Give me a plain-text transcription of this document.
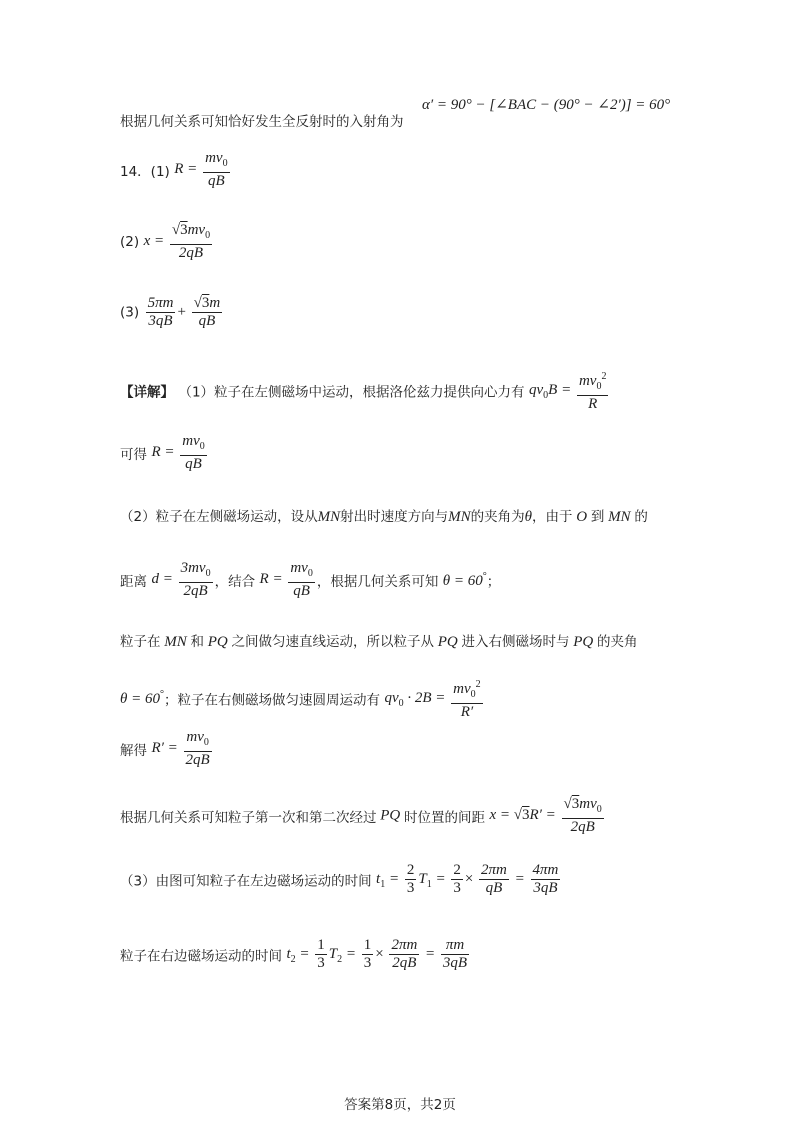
根据几何关系可知恰好发生全反射时的入射角为
α′ = 90° − [∠BAC − (90° − ∠2′)] = 60°
14．(1) $R = \frac{mv_0}{qB}$
(2) $x = \frac{√3mv_0}{2qB}$
$(3) \frac{5\pi m}{3qB} + \frac{√3m}{qB}$
【详解】 （1）粒子在左侧磁场中运动，根据洛伦兹力提供向心力有 $qv_0B = \frac{mv_0^2}{R}$
可得 $R = \frac{mv_0}{qB}$
（2）粒子在左侧磁场运动，设从MN射出时速度方向与MN的夹角为θ，由于 O 到 MN 的
距离 $d = \frac{3mv_0}{2qB}$ ，结合 $R = \frac{mv_0}{qB}$ ，根据几何关系可知 θ = 60°；
粒子在 MN 和 PQ 之间做匀速直线运动，所以粒子从 PQ 进入右侧磁场时与 PQ 的夹角
θ = 60°；粒子在右侧磁场做匀速圆周运动有 $qv_0 \cdot 2B = \frac{mv_0^2}{R'}$
解得 $R' = \frac{mv_0}{2qB}$
根据几何关系可知粒子第一次和第二次经过 PQ 时位置的间距 $x = √3R' = \frac{√3mv_0}{2qB}$
（3）由图可知粒子在左边磁场运动的时间 $t_1 = \frac{2}{3} T_1 = \frac{2}{3} \times \frac{2\pi m}{qB} = \frac{4\pi m}{3qB}$
粒子在右边磁场运动的时间 $t_2 = \frac{1}{3} T_2 = \frac{1}{3} \times \frac{2\pi m}{2qB} = \frac{\pi m}{3qB}$
答案第8页，共2页
